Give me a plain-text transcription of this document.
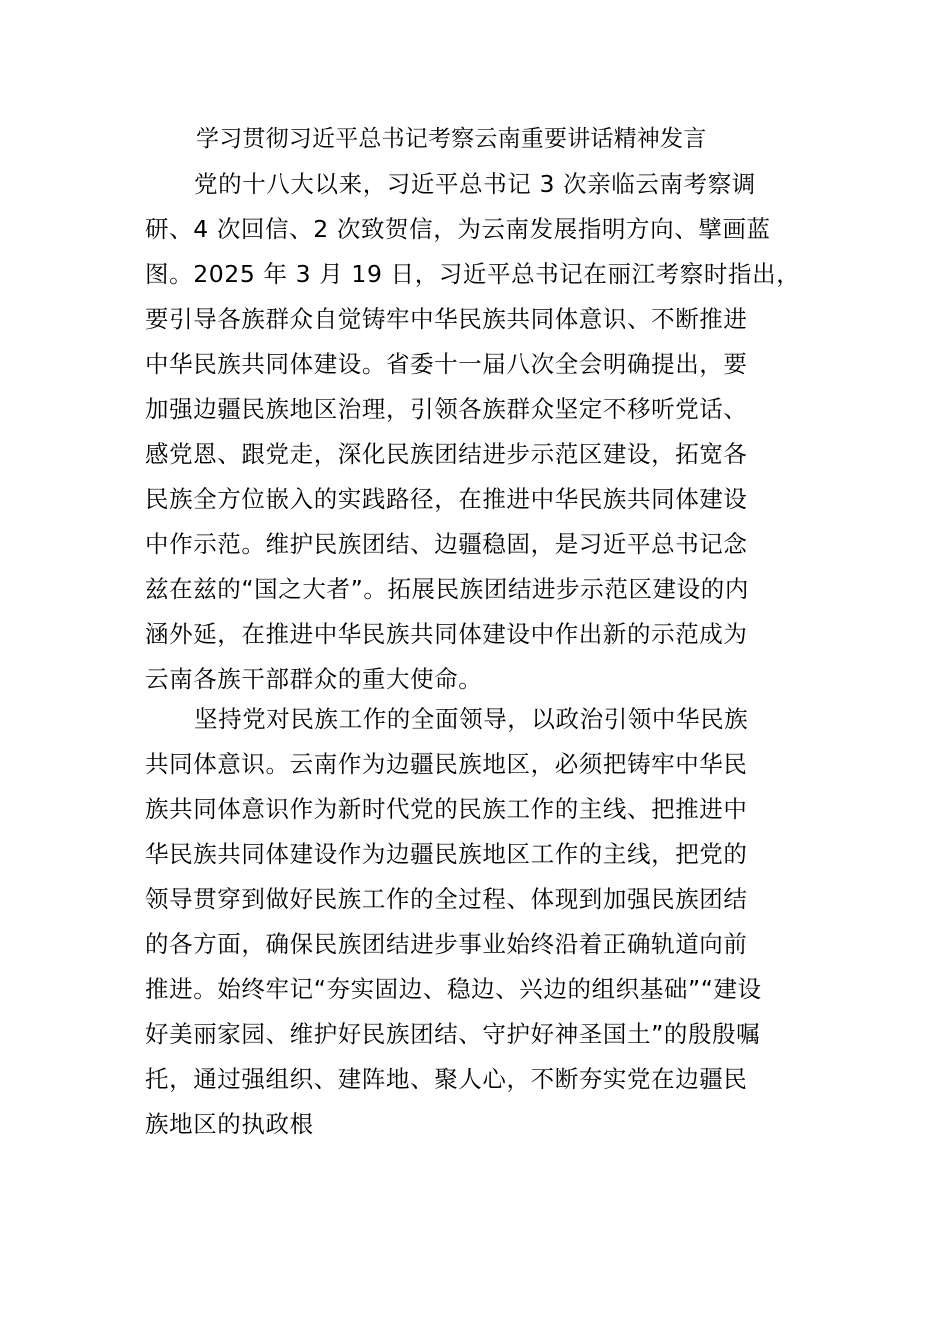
学习贯彻习近平总书记考察云南重要讲话精神发言
党的十八大以来，习近平总书记 3 次亲临云南考察调
研、4 次回信、2 次致贺信，为云南发展指明方向、擘画蓝
图。2025 年 3 月 19 日，习近平总书记在丽江考察时指出，
要引导各族群众自觉铸牢中华民族共同体意识、不断推进
中华民族共同体建设。省委十一届八次全会明确提出，要
加强边疆民族地区治理，引领各族群众坚定不移听党话、
感党恩、跟党走，深化民族团结进步示范区建设，拓宽各
民族全方位嵌入的实践路径，在推进中华民族共同体建设
中作示范。维护民族团结、边疆稳固，是习近平总书记念
兹在兹的“国之大者”。拓展民族团结进步示范区建设的内
涵外延，在推进中华民族共同体建设中作出新的示范成为
云南各族干部群众的重大使命。
坚持党对民族工作的全面领导，以政治引领中华民族
共同体意识。云南作为边疆民族地区，必须把铸牢中华民
族共同体意识作为新时代党的民族工作的主线、把推进中
华民族共同体建设作为边疆民族地区工作的主线，把党的
领导贯穿到做好民族工作的全过程、体现到加强民族团结
的各方面，确保民族团结进步事业始终沿着正确轨道向前
推进。始终牢记“夯实固边、稳边、兴边的组织基础”“建设
好美丽家园、维护好民族团结、守护好神圣国土”的殷殷嘱
托，通过强组织、建阵地、聚人心，不断夯实党在边疆民
族地区的执政根
